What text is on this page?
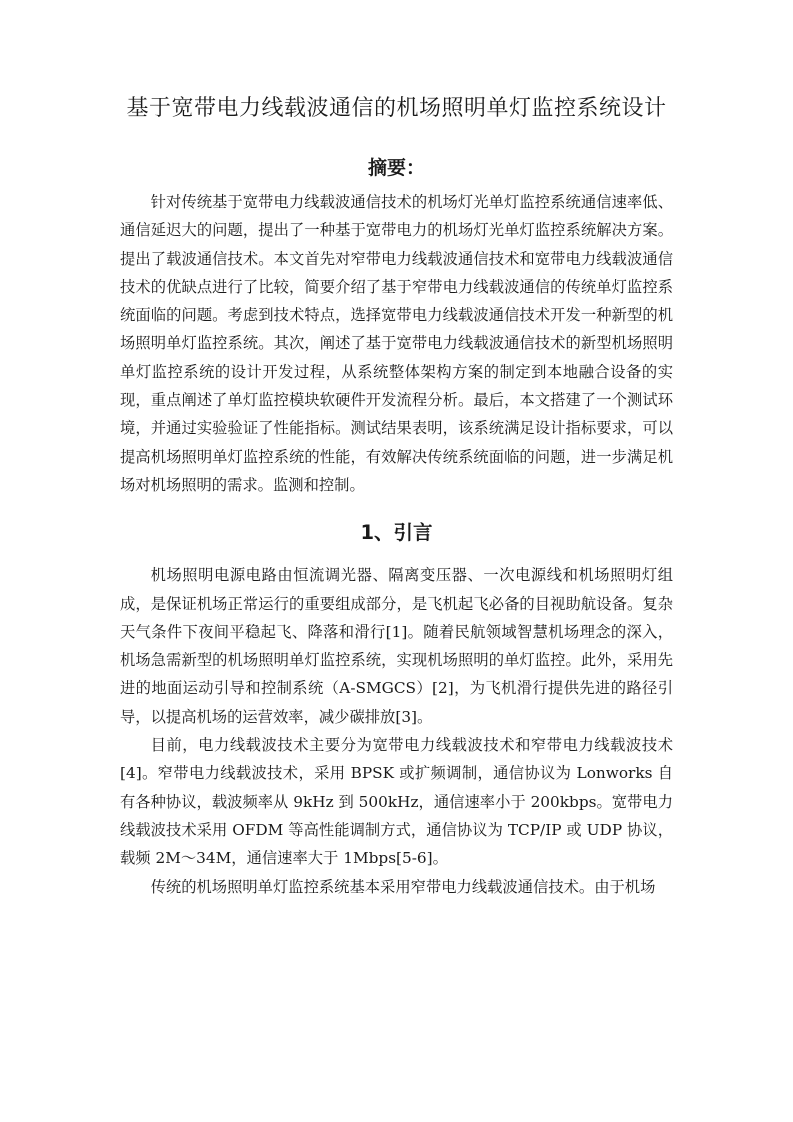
基于宽带电力线载波通信的机场照明单灯监控系统设计
摘要：

针对传统基于宽带电力线载波通信技术的机场灯光单灯监控系统通信速率低、通信延迟大的问题，提出了一种基于宽带电力的机场灯光单灯监控系统解决方案。提出了载波通信技术。本文首先对窄带电力线载波通信技术和宽带电力线载波通信技术的优缺点进行了比较，简要介绍了基于窄带电力线载波通信的传统单灯监控系统面临的问题。考虑到技术特点，选择宽带电力线载波通信技术开发一种新型的机场照明单灯监控系统。其次，阐述了基于宽带电力线载波通信技术的新型机场照明单灯监控系统的设计开发过程，从系统整体架构方案的制定到本地融合设备的实现，重点阐述了单灯监控模块软硬件开发流程分析。最后，本文搭建了一个测试环境，并通过实验验证了性能指标。测试结果表明，该系统满足设计指标要求，可以提高机场照明单灯监控系统的性能，有效解决传统系统面临的问题，进一步满足机场对机场照明的需求。监测和控制。

1、引言

机场照明电源电路由恒流调光器、隔离变压器、一次电源线和机场照明灯组成，是保证机场正常运行的重要组成部分，是飞机起飞必备的目视助航设备。复杂天气条件下夜间平稳起飞、降落和滑行[1]。随着民航领域智慧机场理念的深入，机场急需新型的机场照明单灯监控系统，实现机场照明的单灯监控。此外，采用先进的地面运动引导和控制系统（A-SMGCS）[2]，为飞机滑行提供先进的路径引导，以提高机场的运营效率，减少碳排放[3]。

目前，电力线载波技术主要分为宽带电力线载波技术和窄带电力线载波技术[4]。窄带电力线载波技术，采用 BPSK 或扩频调制，通信协议为 Lonworks 自有各种协议，载波频率从 9kHz 到 500kHz，通信速率小于 200kbps。宽带电力线载波技术采用 OFDM 等高性能调制方式，通信协议为 TCP/IP 或 UDP 协议，载频 2M～34M，通信速率大于 1Mbps[5-6]。

传统的机场照明单灯监控系统基本采用窄带电力线载波通信技术。由于机场
